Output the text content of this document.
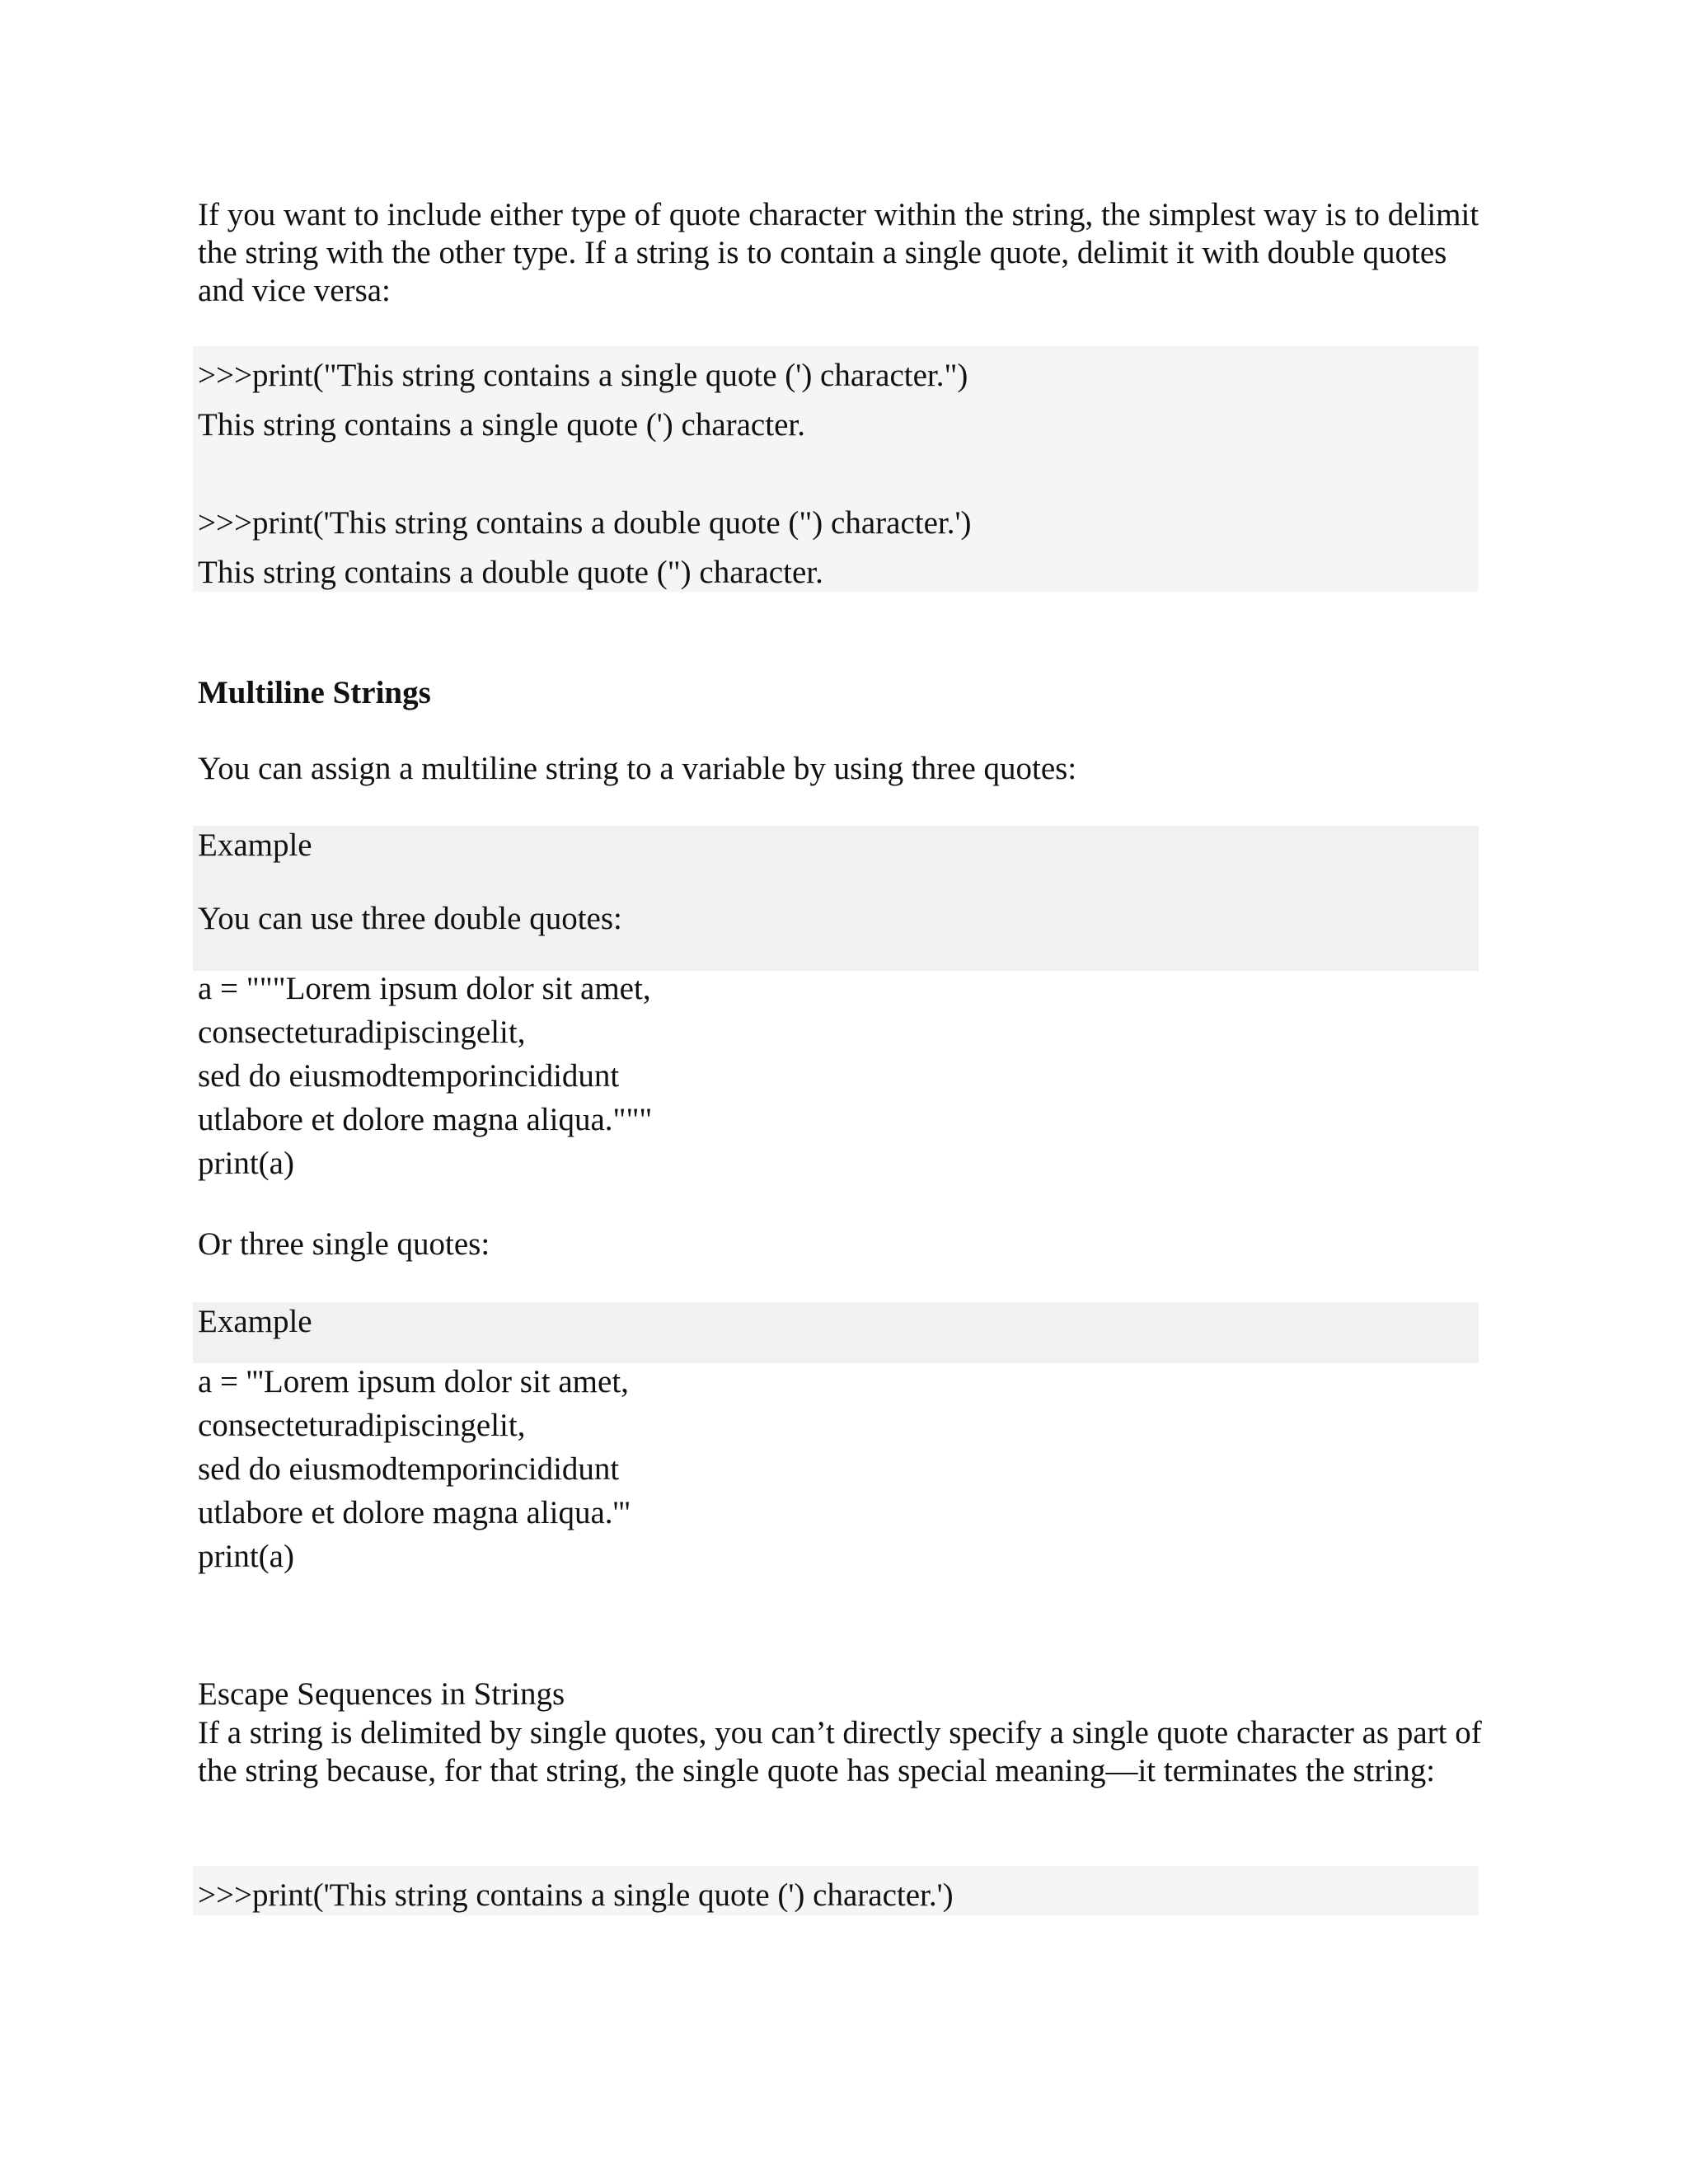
If you want to include either type of quote character within the string, the simplest way is to delimit the string with the other type. If a string is to contain a single quote, delimit it with double quotes and vice versa:

>>>print("This string contains a single quote (') character.")

This string contains a single quote (') character.

>>>print('This string contains a double quote (") character.')

This string contains a double quote (") character.

Multiline Strings

You can assign a multiline string to a variable by using three quotes:

Example

You can use three double quotes:

a = """Lorem ipsum dolor sit amet,

consecteturadipiscingelit,

sed do eiusmodtemporincididunt

utlabore et dolore magna aliqua."""

print(a)

Or three single quotes:

Example

a = '''Lorem ipsum dolor sit amet,

consecteturadipiscingelit,

sed do eiusmodtemporincididunt

utlabore et dolore magna aliqua.'''

print(a)

Escape Sequences in Strings

If a string is delimited by single quotes, you can’t directly specify a single quote character as part of the string because, for that string, the single quote has special meaning—it terminates the string:

>>>print('This string contains a single quote (') character.')
